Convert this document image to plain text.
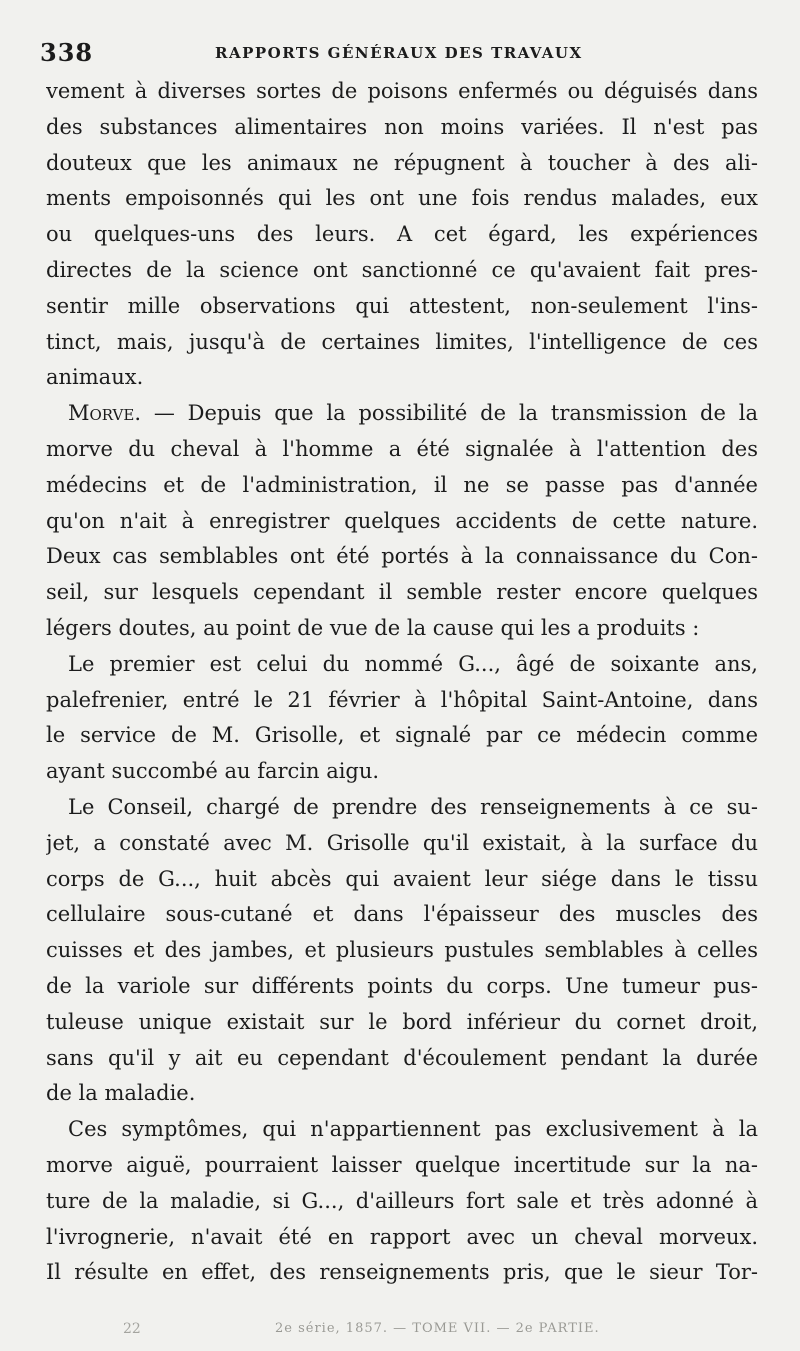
338	RAPPORTS GÉNÉRAUX DES TRAVAUX
vement à diverses sortes de poisons enfermés ou déguisés dans
des substances alimentaires non moins variées. Il n'est pas
douteux que les animaux ne répugnent à toucher à des ali-
ments empoisonnés qui les ont une fois rendus malades, eux
ou quelques-uns des leurs. A cet égard, les expériences
directes de la science ont sanctionné ce qu'avaient fait pres-
sentir mille observations qui attestent, non-seulement l'ins-
tinct, mais, jusqu'à de certaines limites, l'intelligence de ces
animaux.
Morve. — Depuis que la possibilité de la transmission de la
morve du cheval à l'homme a été signalée à l'attention des
médecins et de l'administration, il ne se passe pas d'année
qu'on n'ait à enregistrer quelques accidents de cette nature.
Deux cas semblables ont été portés à la connaissance du Con-
seil, sur lesquels cependant il semble rester encore quelques
légers doutes, au point de vue de la cause qui les a produits :
Le premier est celui du nommé G..., âgé de soixante ans,
palefrenier, entré le 21 février à l'hôpital Saint-Antoine, dans
le service de M. Grisolle, et signalé par ce médecin comme
ayant succombé au farcin aigu.
Le Conseil, chargé de prendre des renseignements à ce su-
jet, a constaté avec M. Grisolle qu'il existait, à la surface du
corps de G..., huit abcès qui avaient leur siége dans le tissu
cellulaire sous-cutané et dans l'épaisseur des muscles des
cuisses et des jambes, et plusieurs pustules semblables à celles
de la variole sur différents points du corps. Une tumeur pus-
tuleuse unique existait sur le bord inférieur du cornet droit,
sans qu'il y ait eu cependant d'écoulement pendant la durée
de la maladie.
Ces symptômes, qui n'appartiennent pas exclusivement à la
morve aiguë, pourraient laisser quelque incertitude sur la na-
ture de la maladie, si G..., d'ailleurs fort sale et très adonné à
l'ivrognerie, n'avait été en rapport avec un cheval morveux.
Il résulte en effet, des renseignements pris, que le sieur Tor-
22	2e série, 1857. — TOME VII. — 2e PARTIE.
